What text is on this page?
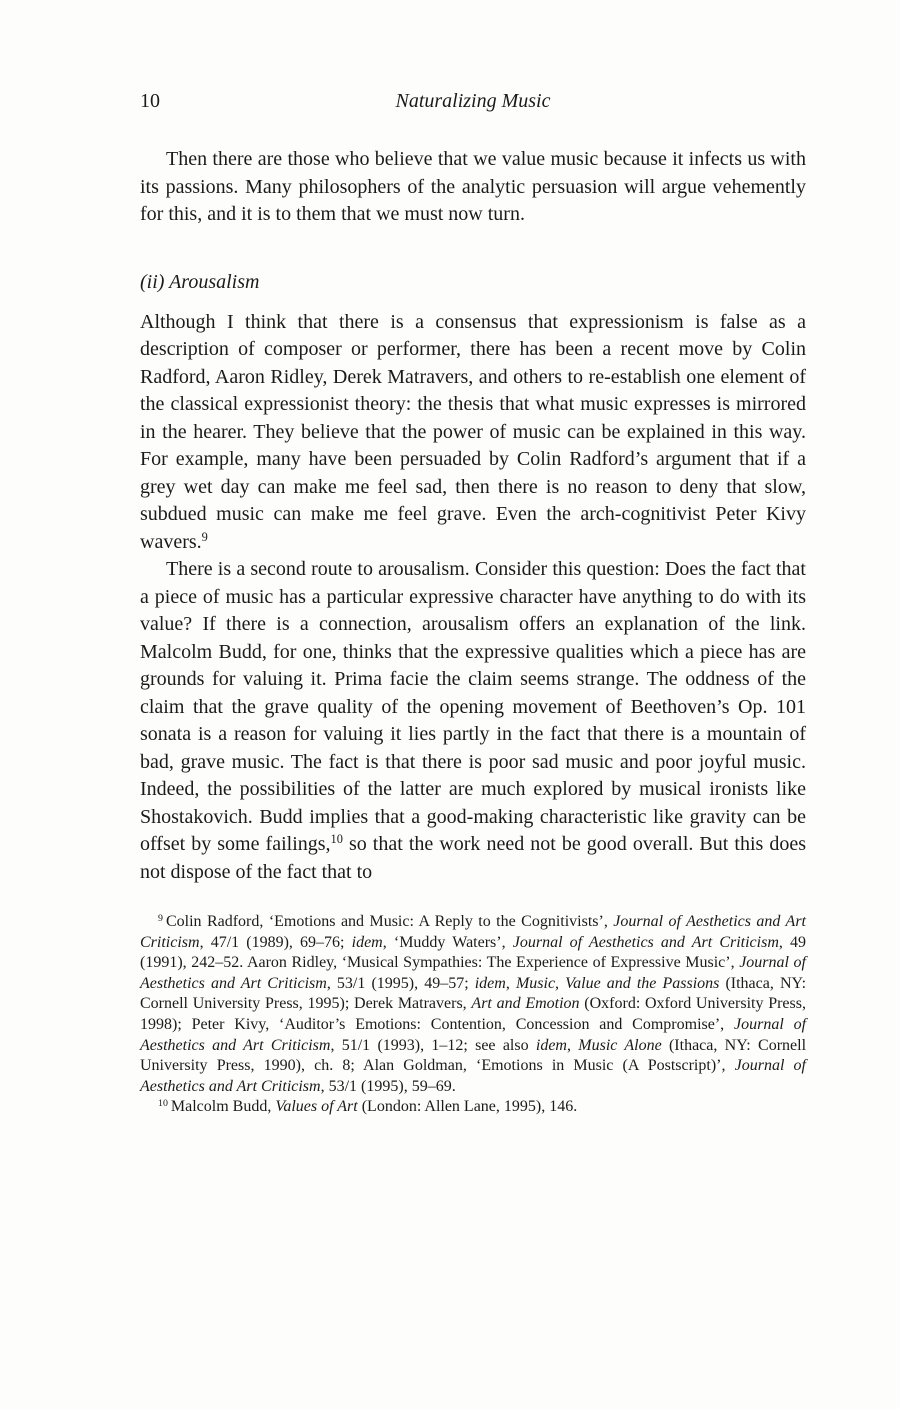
10	Naturalizing Music

Then there are those who believe that we value music because it infects us with its passions. Many philosophers of the analytic persuasion will argue vehemently for this, and it is to them that we must now turn.

(ii) Arousalism

Although I think that there is a consensus that expressionism is false as a description of composer or performer, there has been a recent move by Colin Radford, Aaron Ridley, Derek Matravers, and others to re-establish one element of the classical expressionist theory: the thesis that what music expresses is mirrored in the hearer. They believe that the power of music can be explained in this way. For example, many have been persuaded by Colin Radford’s argument that if a grey wet day can make me feel sad, then there is no reason to deny that slow, subdued music can make me feel grave. Even the arch-cognitivist Peter Kivy wavers.$^9$

There is a second route to arousalism. Consider this question: Does the fact that a piece of music has a particular expressive character have anything to do with its value? If there is a connection, arousalism offers an explanation of the link. Malcolm Budd, for one, thinks that the expressive qualities which a piece has are grounds for valuing it. Prima facie the claim seems strange. The oddness of the claim that the grave quality of the opening movement of Beethoven’s Op. 101 sonata is a reason for valuing it lies partly in the fact that there is a mountain of bad, grave music. The fact is that there is poor sad music and poor joyful music. Indeed, the possibilities of the latter are much explored by musical ironists like Shostakovich. Budd implies that a good-making characteristic like gravity can be offset by some failings,$^{10}$ so that the work need not be good overall. But this does not dispose of the fact that to

$^9$ Colin Radford, ‘Emotions and Music: A Reply to the Cognitivists’, Journal of Aesthetics and Art Criticism, 47/1 (1989), 69–76; idem, ‘Muddy Waters’, Journal of Aesthetics and Art Criticism, 49 (1991), 242–52. Aaron Ridley, ‘Musical Sympathies: The Experience of Expressive Music’, Journal of Aesthetics and Art Criticism, 53/1 (1995), 49–57; idem, Music, Value and the Passions (Ithaca, NY: Cornell University Press, 1995); Derek Matravers, Art and Emotion (Oxford: Oxford University Press, 1998); Peter Kivy, ‘Auditor’s Emotions: Contention, Concession and Compromise’, Journal of Aesthetics and Art Criticism, 51/1 (1993), 1–12; see also idem, Music Alone (Ithaca, NY: Cornell University Press, 1990), ch. 8; Alan Goldman, ‘Emotions in Music (A Postscript)’, Journal of Aesthetics and Art Criticism, 53/1 (1995), 59–69.

$^{10}$ Malcolm Budd, Values of Art (London: Allen Lane, 1995), 146.
